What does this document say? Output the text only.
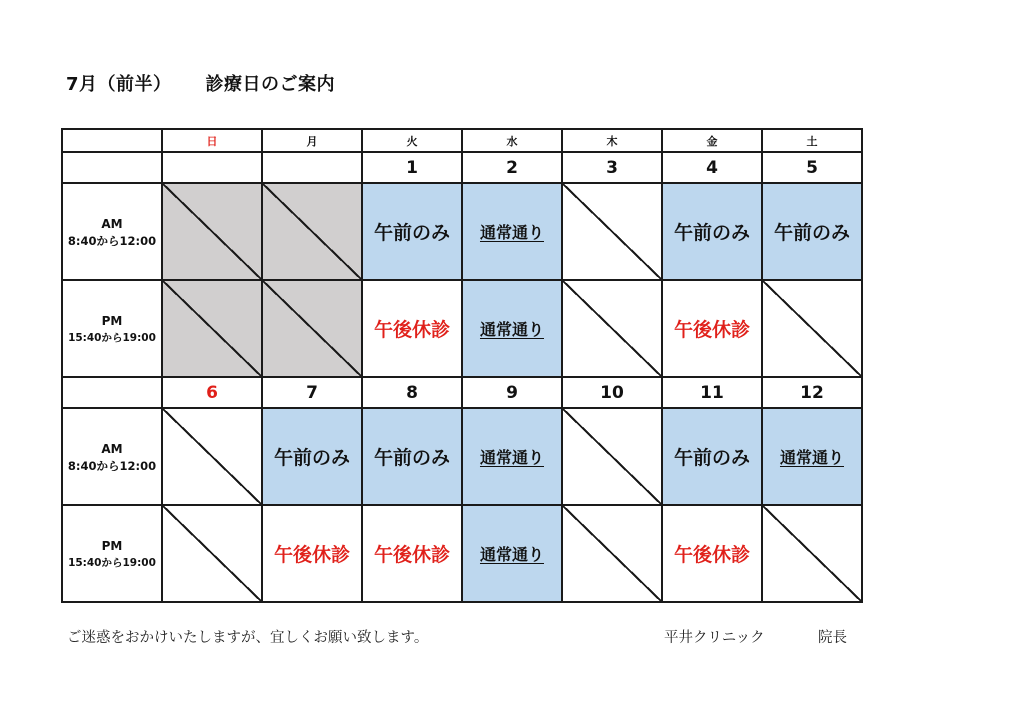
7月（前半） 診療日のご案内
	日	月	火	水	木	金	土
			1	2	3	4	5

AM
8:40から12:00			午前のみ	通常通り		午前のみ	午前のみ

PM
15:40から19:00			午後休診	通常通り		午後休診	
	6	7	8	9	10	11	12

AM
8:40から12:00		午前のみ	午前のみ	通常通り		午前のみ	通常通り

PM
15:40から19:00		午後休診	午後休診	通常通り		午後休診	
ご迷惑をおかけいたしますが、宜しくお願い致します。	平井クリニック	院長
